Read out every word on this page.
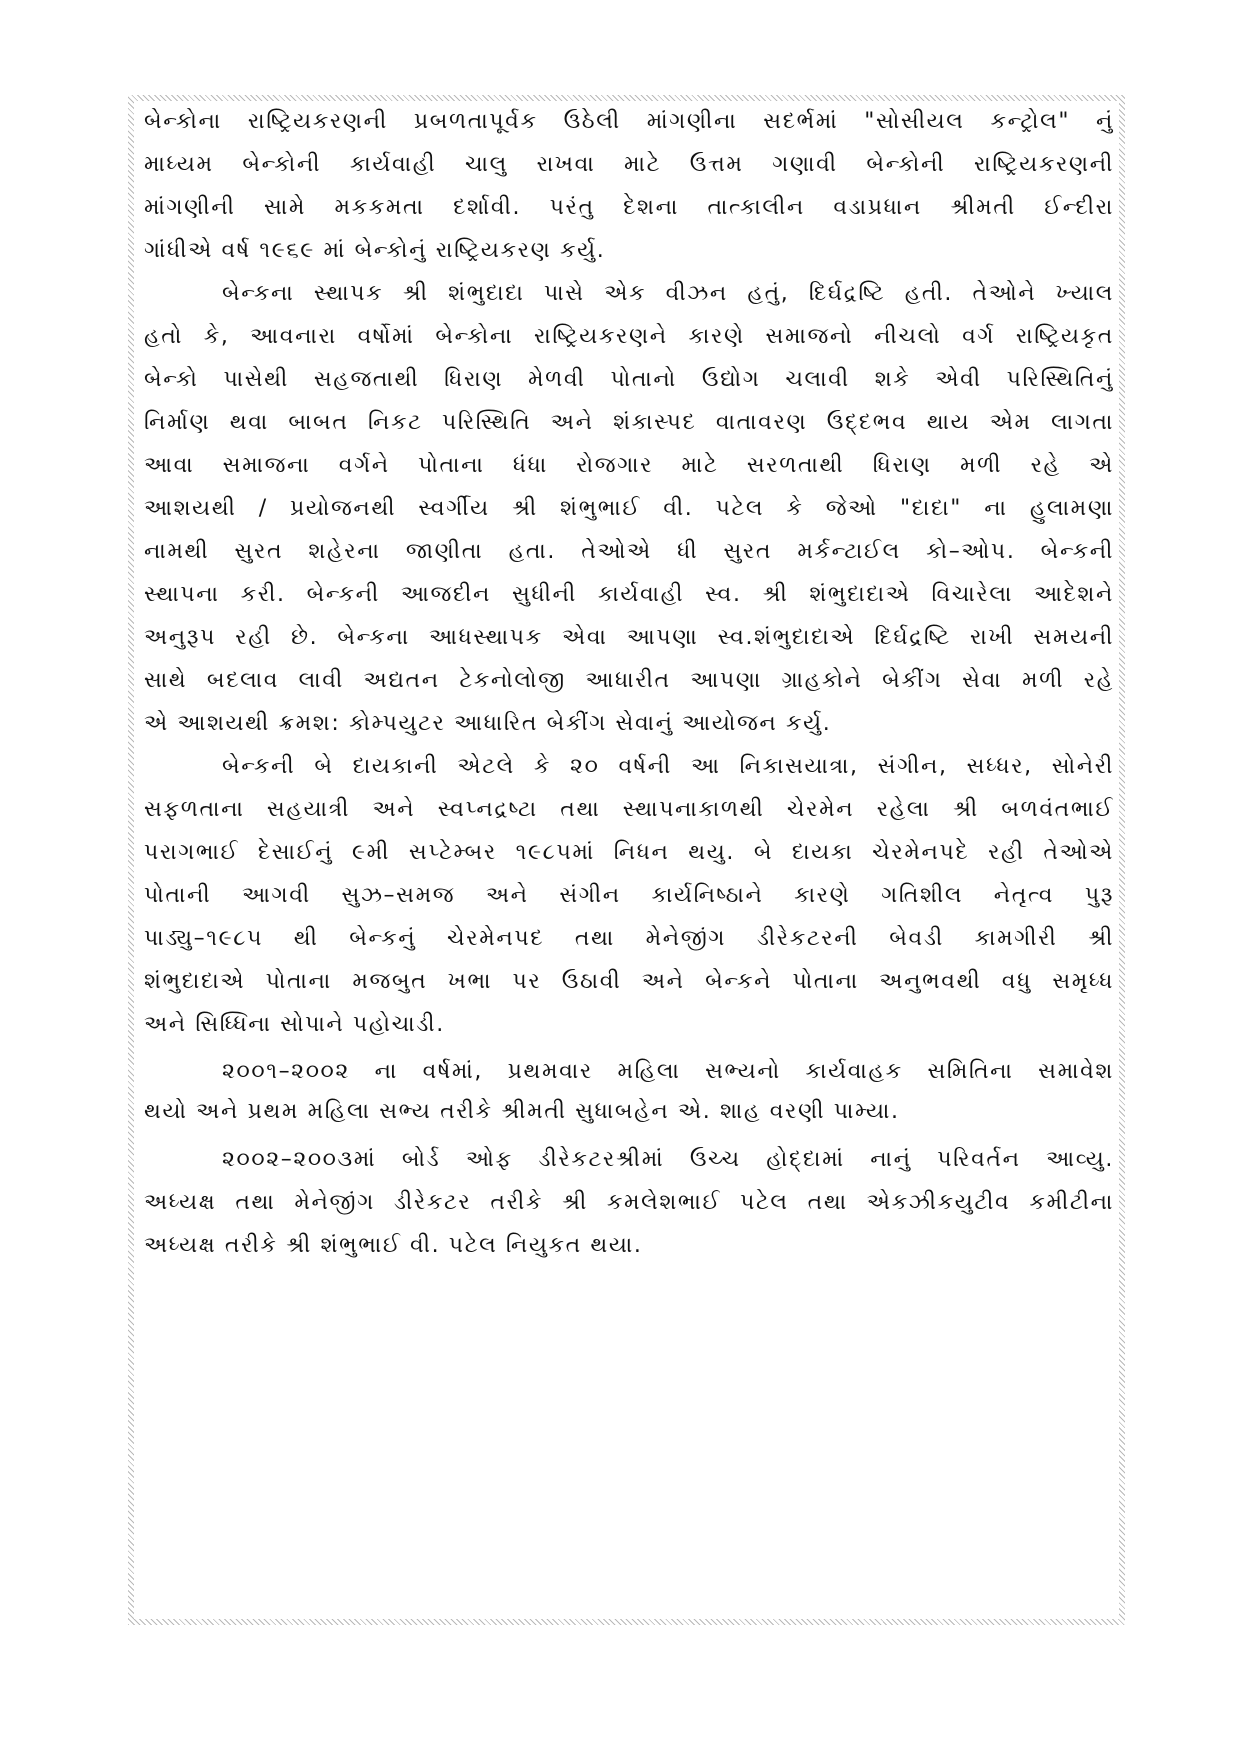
બેન્કોના રાષ્ટ્રિયકરણની પ્રબળતાપૂર્વક ઉઠેલી માંગણીના સદર્ભમાં "સોસીયલ કન્ટ્રોલ" નું
માધ્યમ બેન્કોની કાર્યવાહી ચાલુ રાખવા માટે ઉત્તમ ગણાવી બેન્કોની રાષ્ટ્રિયકરણની
માંગણીની સામે મકકમતા દર્શાવી. પરંતુ દેશના તાત્કાલીન વડાપ્રધાન શ્રીમતી ઈન્દીરા
ગાંધીએ વર્ષ ૧૯૬૯ માં બેન્કોનું રાષ્ટ્રિયકરણ કર્યુ.

બેન્કના સ્થાપક શ્રી શંભુદાદા પાસે એક વીઝન હતું, દિર્ઘદ્રષ્ટિ હતી. તેઓને ખ્યાલ
હતો કે, આવનારા વર્ષોમાં બેન્કોના રાષ્ટ્રિયકરણને કારણે સમાજનો નીચલો વર્ગ રાષ્ટ્રિયકૃત
બેન્કો પાસેથી સહજતાથી ધિરાણ મેળવી પોતાનો ઉદ્યોગ ચલાવી શકે એવી પરિસ્થિતિનું
નિર્માણ થવા બાબત નિકટ પરિસ્થિતિ અને શંકાસ્પદ વાતાવરણ ઉદ્દભવ થાય એમ લાગતા
આવા સમાજના વર્ગને પોતાના ધંધા રોજગાર માટે સરળતાથી ધિરાણ મળી રહે એ
આશયથી / પ્રયોજનથી સ્વર્ગીય શ્રી શંભુભાઈ વી. પટેલ કે જેઓ "દાદા" ના હુલામણા
નામથી સુરત શહેરના જાણીતા હતા. તેઓએ ધી સુરત મર્કન્ટાઈલ કો–ઓપ. બેન્કની
સ્થાપના કરી. બેન્કની આજદીન સુધીની કાર્યવાહી સ્વ. શ્રી શંભુદાદાએ વિચારેલા આદેશને
અનુરૂપ રહી છે. બેન્કના આધસ્થાપક એવા આપણા સ્વ.શંભુદાદાએ દિર્ઘદ્રષ્ટિ રાખી સમયની
સાથે બદલાવ લાવી અદ્યતન ટેકનોલોજી આધારીત આપણા ગ્રાહકોને બેકીંગ સેવા મળી રહે
એ આશયથી ક્રમશ: કોમ્પયુટર આધારિત બેકીંગ સેવાનું આયોજન કર્યુ.

બેન્કની બે દાયકાની એટલે કે ૨૦ વર્ષની આ નિકાસયાત્રા, સંગીન, સધ્ધર, સોનેરી
સફળતાના સહયાત્રી અને સ્વપ્નદ્રષ્ટા તથા સ્થાપનાકાળથી ચેરમેન રહેલા શ્રી બળવંતભાઈ
પરાગભાઈ દેસાઈનું ૯મી સપ્ટેમ્બર ૧૯૮૫માં નિધન થયુ. બે દાયકા ચેરમેનપદે રહી તેઓએ
પોતાની આગવી સુઝ–સમજ અને સંગીન કાર્યનિષ્ઠાને કારણે ગતિશીલ નેતૃત્વ પુરૂ
પાડ્યુ–૧૯૮૫ થી બેન્કનું ચેરમેનપદ તથા મેનેજીંગ ડીરેકટરની બેવડી કામગીરી શ્રી
શંભુદાદાએ પોતાના મજબુત ખભા પર ઉઠાવી અને બેન્કને પોતાના અનુભવથી વધુ સમૃધ્ધ
અને સિધ્ધિના સોપાને પહોચાડી.

૨૦૦૧–૨૦૦૨ ના વર્ષમાં, પ્રથમવાર મહિલા સભ્યનો કાર્યવાહક સમિતિના સમાવેશ
થયો અને પ્રથમ મહિલા સભ્ય તરીકે શ્રીમતી સુધાબહેન એ. શાહ વરણી પામ્યા.

૨૦૦૨–૨૦૦૩માં બોર્ડ ઓફ ડીરેકટરશ્રીમાં ઉચ્ચ હોદ્દામાં નાનું પરિવર્તન આવ્યુ.
અધ્યક્ષ તથા મેનેજીંગ ડીરેકટર તરીકે શ્રી કમલેશભાઈ પટેલ તથા એકઝીકયુટીવ કમીટીના
અધ્યક્ષ તરીકે શ્રી શંભુભાઈ વી. પટેલ નિયુકત થયા.
